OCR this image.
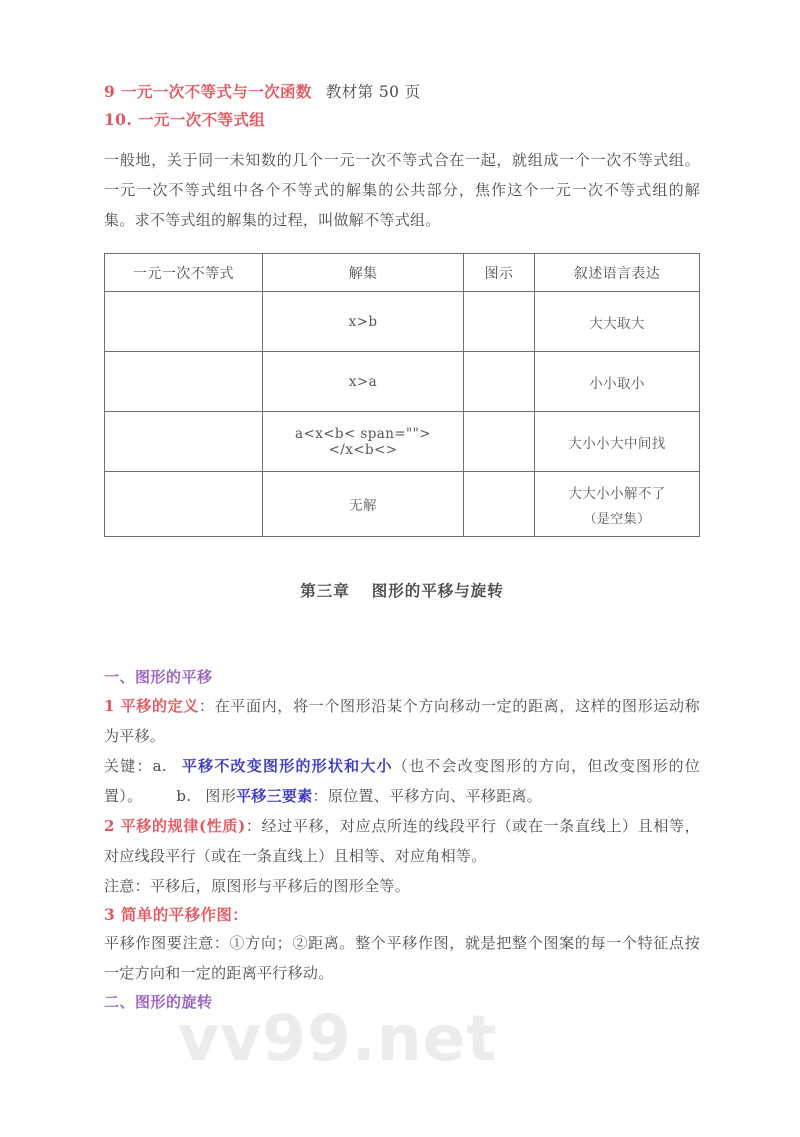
vv99.net

9 一元一次不等式与一次函数 教材第 50 页

10. 一元一次不等式组

一般地，关于同一未知数的几个一元一次不等式合在一起，就组成一个一次不等式组。一元一次不等式组中各个不等式的解集的公共部分，焦作这个一元一次不等式组的解集。求不等式组的解集的过程，叫做解不等式组。

一元一次不等式	解集	图示	叙述语言表达
	x>b		大大取大
	x>a		小小取小
	a<x<b< span=""></x<b<>		大小小大中间找
	无解		大大小小解不了
（是空集）

第三章 图形的平移与旋转

一、图形的平移

1 平移的定义：在平面内，将一个图形沿某个方向移动一定的距离，这样的图形运动称为平移。

关键：a. 平移不改变图形的形状和大小（也不会改变图形的方向，但改变图形的位置）。 b. 图形平移三要素：原位置、平移方向、平移距离。

2 平移的规律(性质)：经过平移，对应点所连的线段平行（或在一条直线上）且相等，对应线段平行（或在一条直线上）且相等、对应角相等。

注意：平移后，原图形与平移后的图形全等。

3 简单的平移作图：

平移作图要注意：①方向；②距离。整个平移作图，就是把整个图案的每一个特征点按一定方向和一定的距离平行移动。

二、图形的旋转
